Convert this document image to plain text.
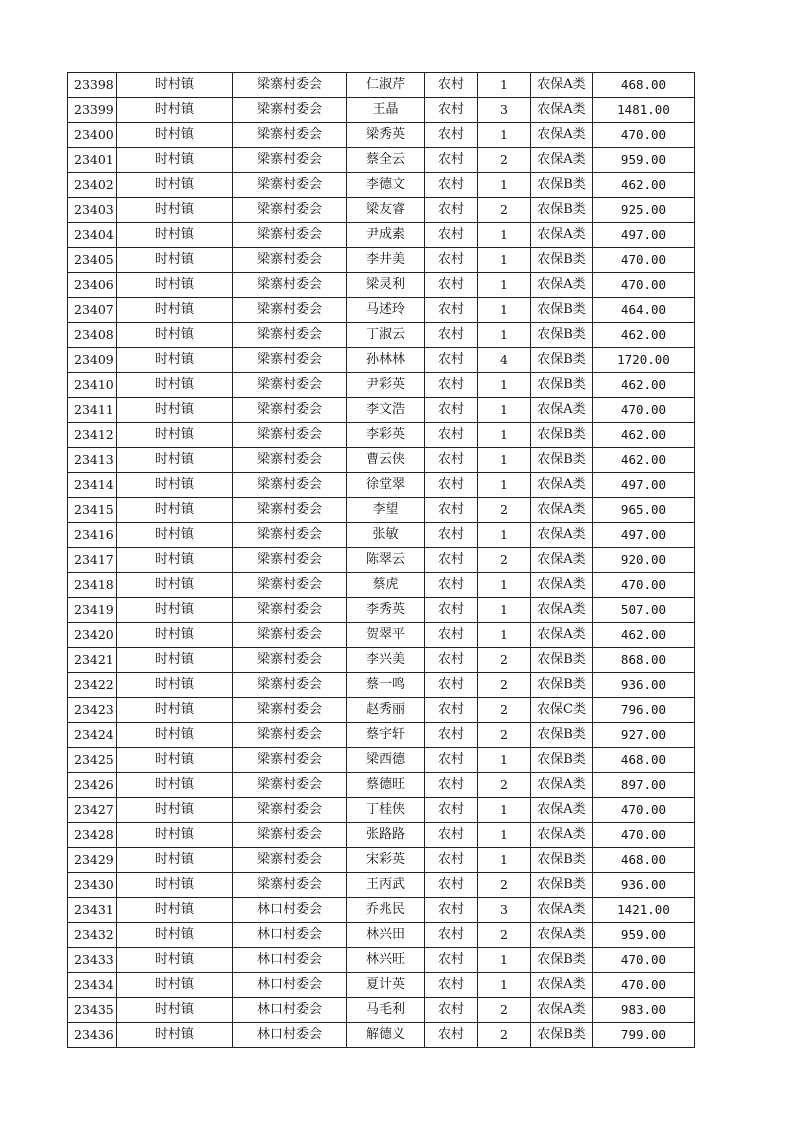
23398	时村镇	梁寨村委会	仁淑芹	农村	1	农保A类	468.00
23399	时村镇	梁寨村委会	王晶	农村	3	农保A类	1481.00
23400	时村镇	梁寨村委会	梁秀英	农村	1	农保A类	470.00
23401	时村镇	梁寨村委会	蔡全云	农村	2	农保A类	959.00
23402	时村镇	梁寨村委会	李德文	农村	1	农保B类	462.00
23403	时村镇	梁寨村委会	梁友睿	农村	2	农保B类	925.00
23404	时村镇	梁寨村委会	尹成素	农村	1	农保A类	497.00
23405	时村镇	梁寨村委会	李井美	农村	1	农保B类	470.00
23406	时村镇	梁寨村委会	梁灵利	农村	1	农保A类	470.00
23407	时村镇	梁寨村委会	马述玲	农村	1	农保B类	464.00
23408	时村镇	梁寨村委会	丁淑云	农村	1	农保B类	462.00
23409	时村镇	梁寨村委会	孙林林	农村	4	农保B类	1720.00
23410	时村镇	梁寨村委会	尹彩英	农村	1	农保B类	462.00
23411	时村镇	梁寨村委会	李文浩	农村	1	农保A类	470.00
23412	时村镇	梁寨村委会	李彩英	农村	1	农保B类	462.00
23413	时村镇	梁寨村委会	曹云侠	农村	1	农保B类	462.00
23414	时村镇	梁寨村委会	徐堂翠	农村	1	农保A类	497.00
23415	时村镇	梁寨村委会	李望	农村	2	农保A类	965.00
23416	时村镇	梁寨村委会	张敏	农村	1	农保A类	497.00
23417	时村镇	梁寨村委会	陈翠云	农村	2	农保A类	920.00
23418	时村镇	梁寨村委会	蔡虎	农村	1	农保A类	470.00
23419	时村镇	梁寨村委会	李秀英	农村	1	农保A类	507.00
23420	时村镇	梁寨村委会	贺翠平	农村	1	农保A类	462.00
23421	时村镇	梁寨村委会	李兴美	农村	2	农保B类	868.00
23422	时村镇	梁寨村委会	蔡一鸣	农村	2	农保B类	936.00
23423	时村镇	梁寨村委会	赵秀丽	农村	2	农保C类	796.00
23424	时村镇	梁寨村委会	蔡宇轩	农村	2	农保B类	927.00
23425	时村镇	梁寨村委会	梁西德	农村	1	农保B类	468.00
23426	时村镇	梁寨村委会	蔡德旺	农村	2	农保A类	897.00
23427	时村镇	梁寨村委会	丁桂侠	农村	1	农保A类	470.00
23428	时村镇	梁寨村委会	张路路	农村	1	农保A类	470.00
23429	时村镇	梁寨村委会	宋彩英	农村	1	农保B类	468.00
23430	时村镇	梁寨村委会	王丙武	农村	2	农保B类	936.00
23431	时村镇	林口村委会	乔兆民	农村	3	农保A类	1421.00
23432	时村镇	林口村委会	林兴田	农村	2	农保A类	959.00
23433	时村镇	林口村委会	林兴旺	农村	1	农保B类	470.00
23434	时村镇	林口村委会	夏计英	农村	1	农保A类	470.00
23435	时村镇	林口村委会	马毛利	农村	2	农保A类	983.00
23436	时村镇	林口村委会	解德义	农村	2	农保B类	799.00
